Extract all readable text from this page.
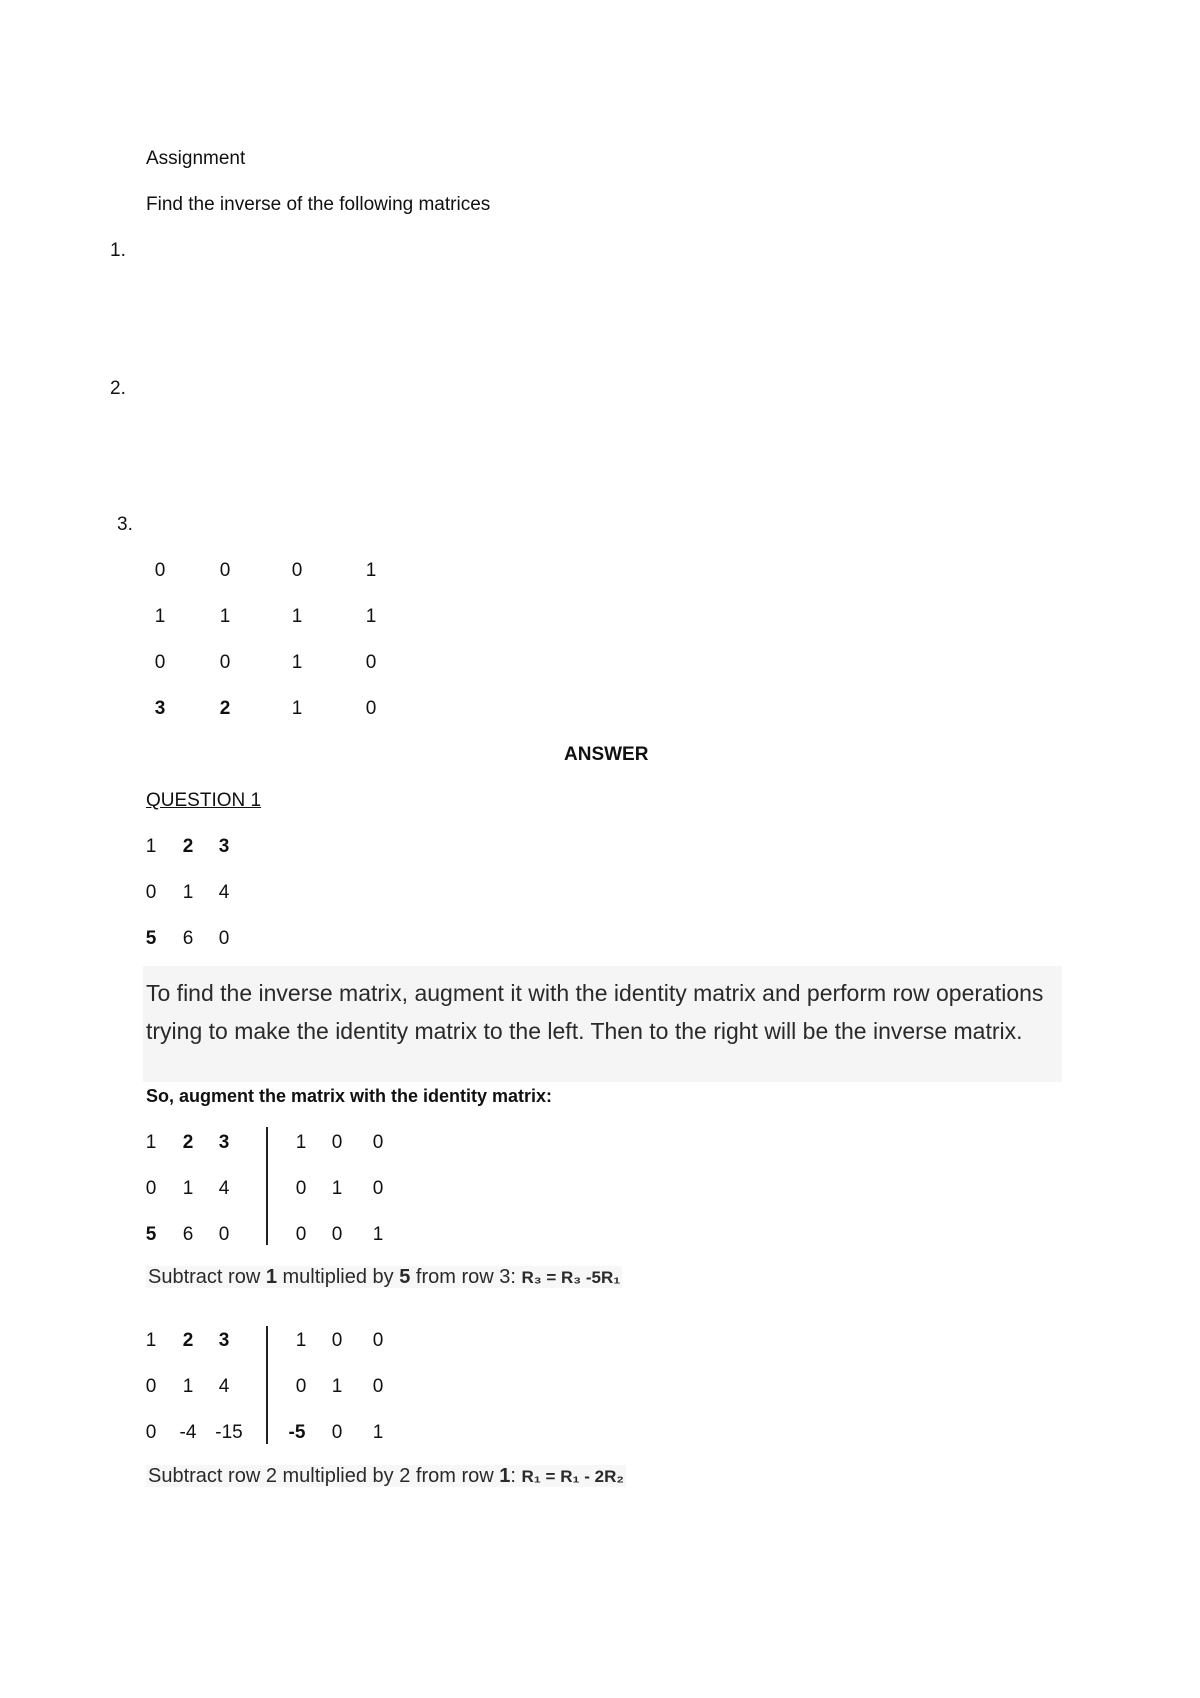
Assignment
Find the inverse of the following matrices
1.
2.
3.
0	0	0	1
1	1	1	1
0	0	1	0
3	2	1	0
ANSWER
QUESTION 1
1	2	3
0	1	4
5	6	0
To find the inverse matrix, augment it with the identity matrix and perform row operations trying to make the identity matrix to the left. Then to the right will be the inverse matrix.
So, augment the matrix with the identity matrix:
1	2	3	1	0	0
0	1	4	0	1	0
5	6	0	0	0	1
Subtract row 1 multiplied by 5 from row 3: R₃ = R₃ -5R₁
1	2	3	1	0	0
0	1	4	0	1	0
0	-4 -15	-5	0	1
Subtract row 2 multiplied by 2 from row 1: R₁ = R₁ - 2R₂
